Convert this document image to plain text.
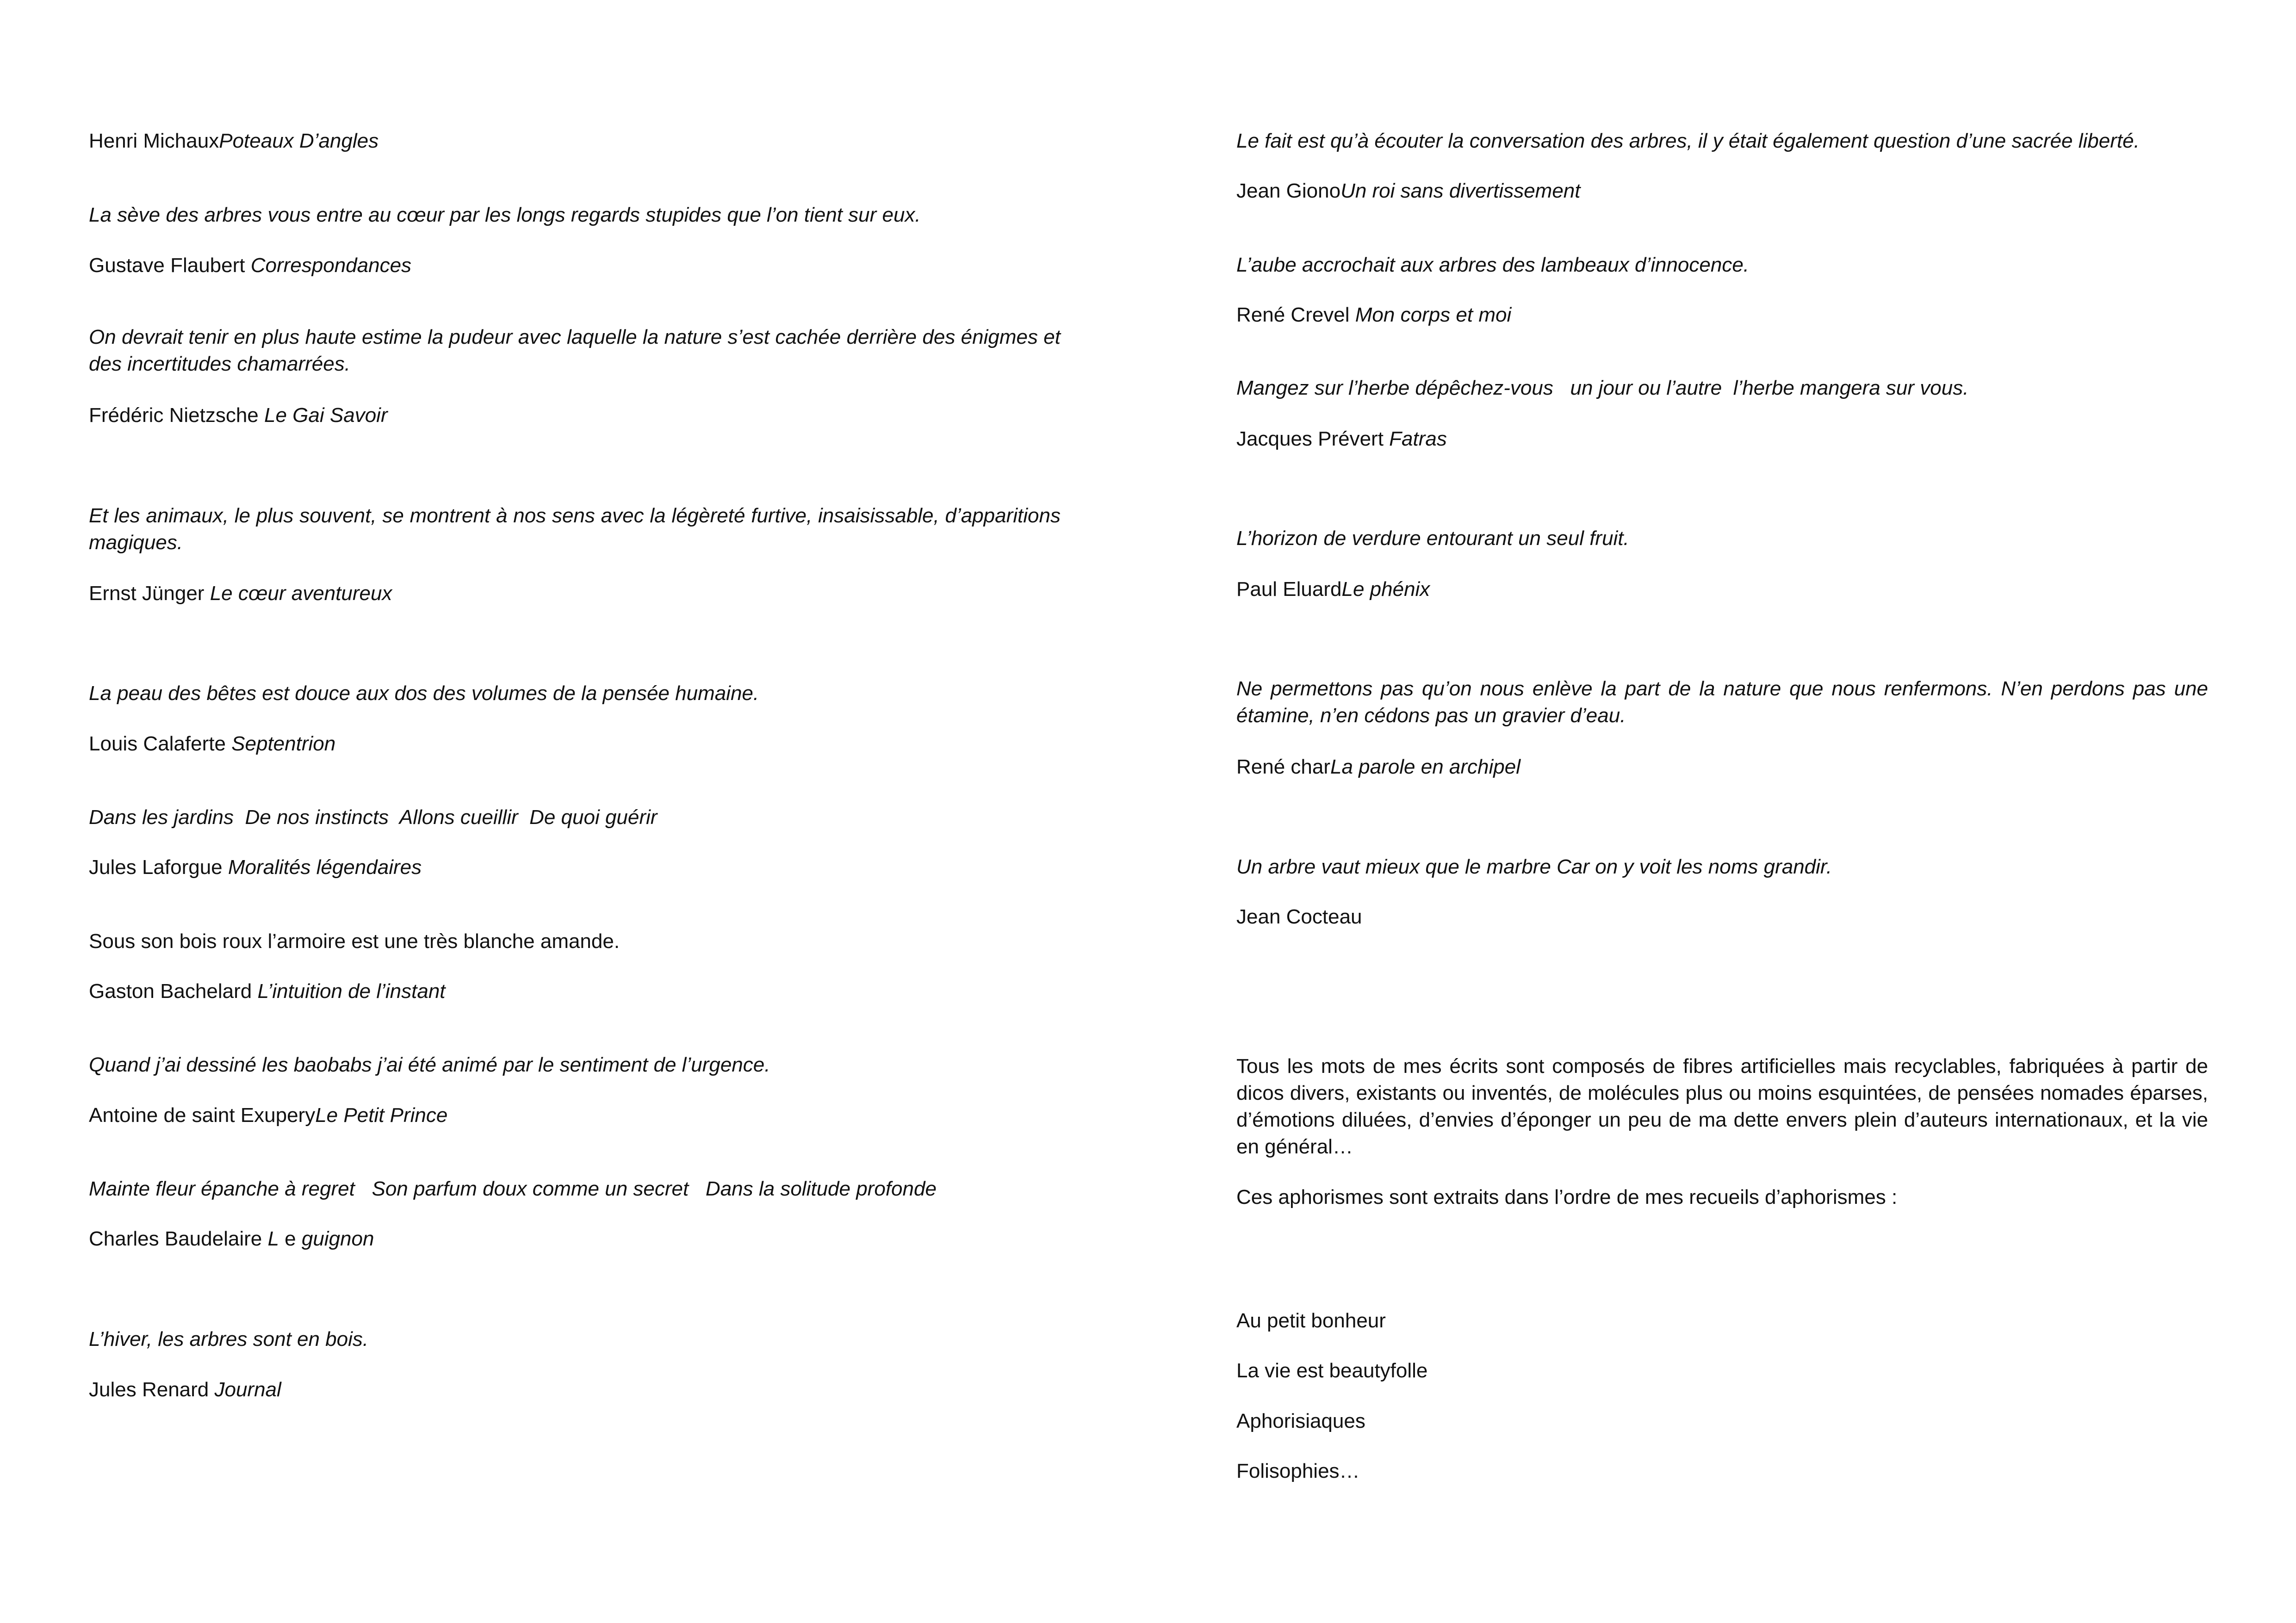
Henri MichauxPoteaux D’angles
La sève des arbres vous entre au cœur par les longs regards stupides que l’on tient sur eux.
Gustave Flaubert Correspondances
On devrait tenir en plus haute estime la pudeur avec laquelle la nature s’est cachée derrière des énigmes et des incertitudes chamarrées.
Frédéric Nietzsche Le Gai Savoir
Et les animaux, le plus souvent, se montrent à nos sens avec la légèreté furtive, insaisissable, d’apparitions magiques.
Ernst Jünger Le cœur aventureux
La peau des bêtes est douce aux dos des volumes de la pensée humaine.
Louis Calaferte Septentrion
Dans les jardins  De nos instincts  Allons cueillir  De quoi guérir
Jules Laforgue Moralités légendaires
Sous son bois roux l’armoire est une très blanche amande.
Gaston Bachelard L’intuition de l’instant
Quand j’ai dessiné les baobabs j’ai été animé par le sentiment de l’urgence.
Antoine de saint ExuperyLe Petit Prince
Mainte fleur épanche à regret   Son parfum doux comme un secret   Dans la solitude profonde
Charles Baudelaire L e guignon
L’hiver, les arbres sont en bois.
Jules Renard Journal
Le fait est qu’à écouter la conversation des arbres, il y était également question d’une sacrée liberté.
Jean GionoUn roi sans divertissement
L’aube accrochait aux arbres des lambeaux d’innocence.
René Crevel Mon corps et moi
Mangez sur l’herbe dépêchez-vous   un jour ou l’autre  l’herbe mangera sur vous.
Jacques Prévert Fatras
L’horizon de verdure entourant un seul fruit.
Paul EluardLe phénix
Ne permettons pas qu’on nous enlève la part de la nature que nous renfermons. N’en perdons pas une étamine, n’en cédons pas un gravier d’eau.
René charLa parole en archipel
Un arbre vaut mieux que le marbre Car on y voit les noms grandir.
Jean Cocteau
Tous les mots de mes écrits sont composés de fibres artificielles mais recyclables, fabriquées à partir de dicos divers, existants ou inventés, de molécules plus ou moins esquintées, de pensées nomades éparses, d’émotions diluées, d’envies d’éponger un peu de ma dette envers plein d’auteurs internationaux, et la vie en général…
Ces aphorismes sont extraits dans l’ordre de mes recueils d’aphorismes :
Au petit bonheur
La vie est beautyfolle
Aphorisiaques
Folisophies…
